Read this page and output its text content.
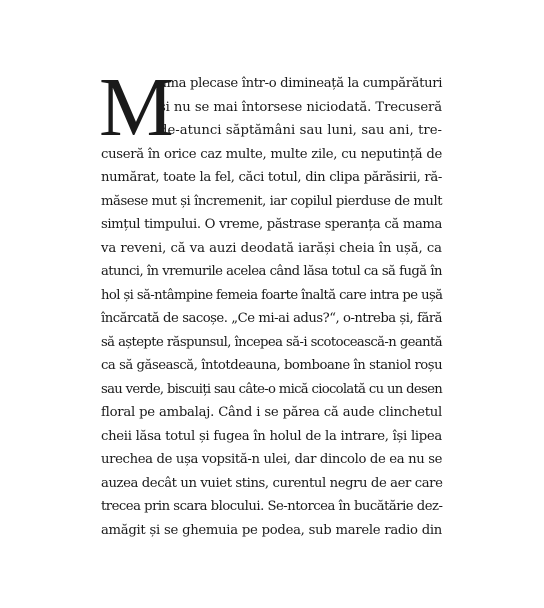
M
ama plecase într-o dimineață la cumpărături
și nu se mai întorsese niciodată. Trecuseră
de-atunci săptămâni sau luni, sau ani, tre-
cuseră în orice caz multe, multe zile, cu neputință de
numărat, toate la fel, căci totul, din clipa părăsirii, ră-
măsese mut și încremenit, iar copilul pierduse de mult
simțul timpului. O vreme, păstrase speranța că mama
va reveni, că va auzi deodată iarăși cheia în ușă, ca
atunci, în vremurile acelea când lăsa totul ca să fugă în
hol și să-ntâmpine femeia foarte înaltă care intra pe ușă
încărcată de sacoșe. „Ce mi-ai adus?“, o-ntreba și, fără
să aștepte răspunsul, începea să-i scotocească-n geantă
ca să găsească, întotdeauna, bomboane în staniol roșu
sau verde, biscuiți sau câte-o mică ciocolată cu un desen
floral pe ambalaj. Când i se părea că aude clinchetul
cheii lăsa totul și fugea în holul de la intrare, își lipea
urechea de ușa vopsită-n ulei, dar dincolo de ea nu se
auzea decât un vuiet stins, curentul negru de aer care
trecea prin scara blocului. Se-ntorcea în bucătărie dez-
amăgit și se ghemuia pe podea, sub marele radio din
